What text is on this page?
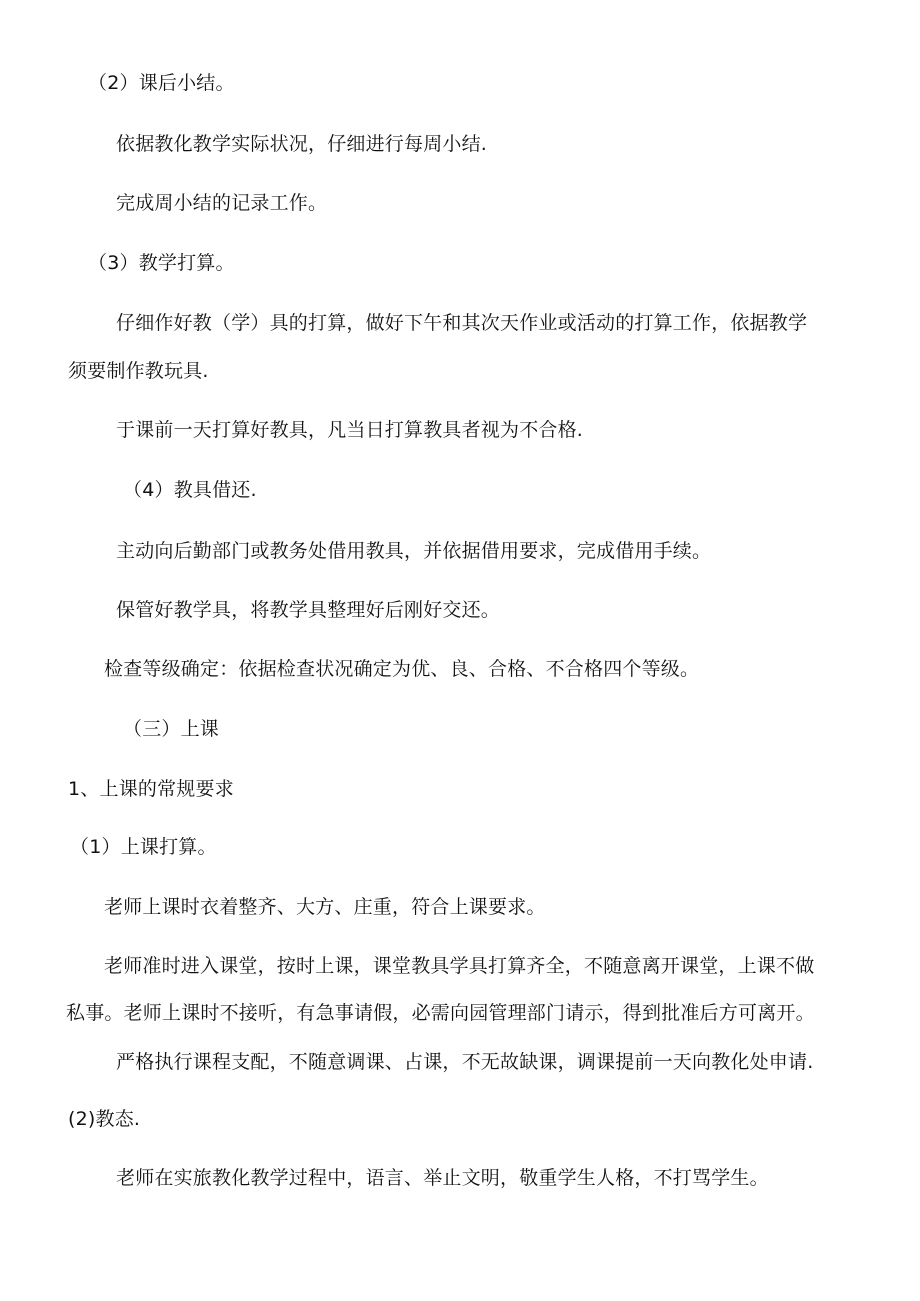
（2）课后小结。
依据教化教学实际状况，仔细进行每周小结.
完成周小结的记录工作。
（3）教学打算。
仔细作好教（学）具的打算，做好下午和其次天作业或活动的打算工作，依据教学
须要制作教玩具.
于课前一天打算好教具，凡当日打算教具者视为不合格.
（4）教具借还.
主动向后勤部门或教务处借用教具，并依据借用要求，完成借用手续。
保管好教学具，将教学具整理好后刚好交还。
检查等级确定：依据检查状况确定为优、良、合格、不合格四个等级。
（三）上课
1、上课的常规要求
（1）上课打算。
老师上课时衣着整齐、大方、庄重，符合上课要求。
老师准时进入课堂，按时上课，课堂教具学具打算齐全，不随意离开课堂，上课不做
私事。老师上课时不接听，有急事请假，必需向园管理部门请示，得到批准后方可离开。
严格执行课程支配，不随意调课、占课，不无故缺课，调课提前一天向教化处申请.
(2)教态.
老师在实旅教化教学过程中，语言、举止文明，敬重学生人格，不打骂学生。
